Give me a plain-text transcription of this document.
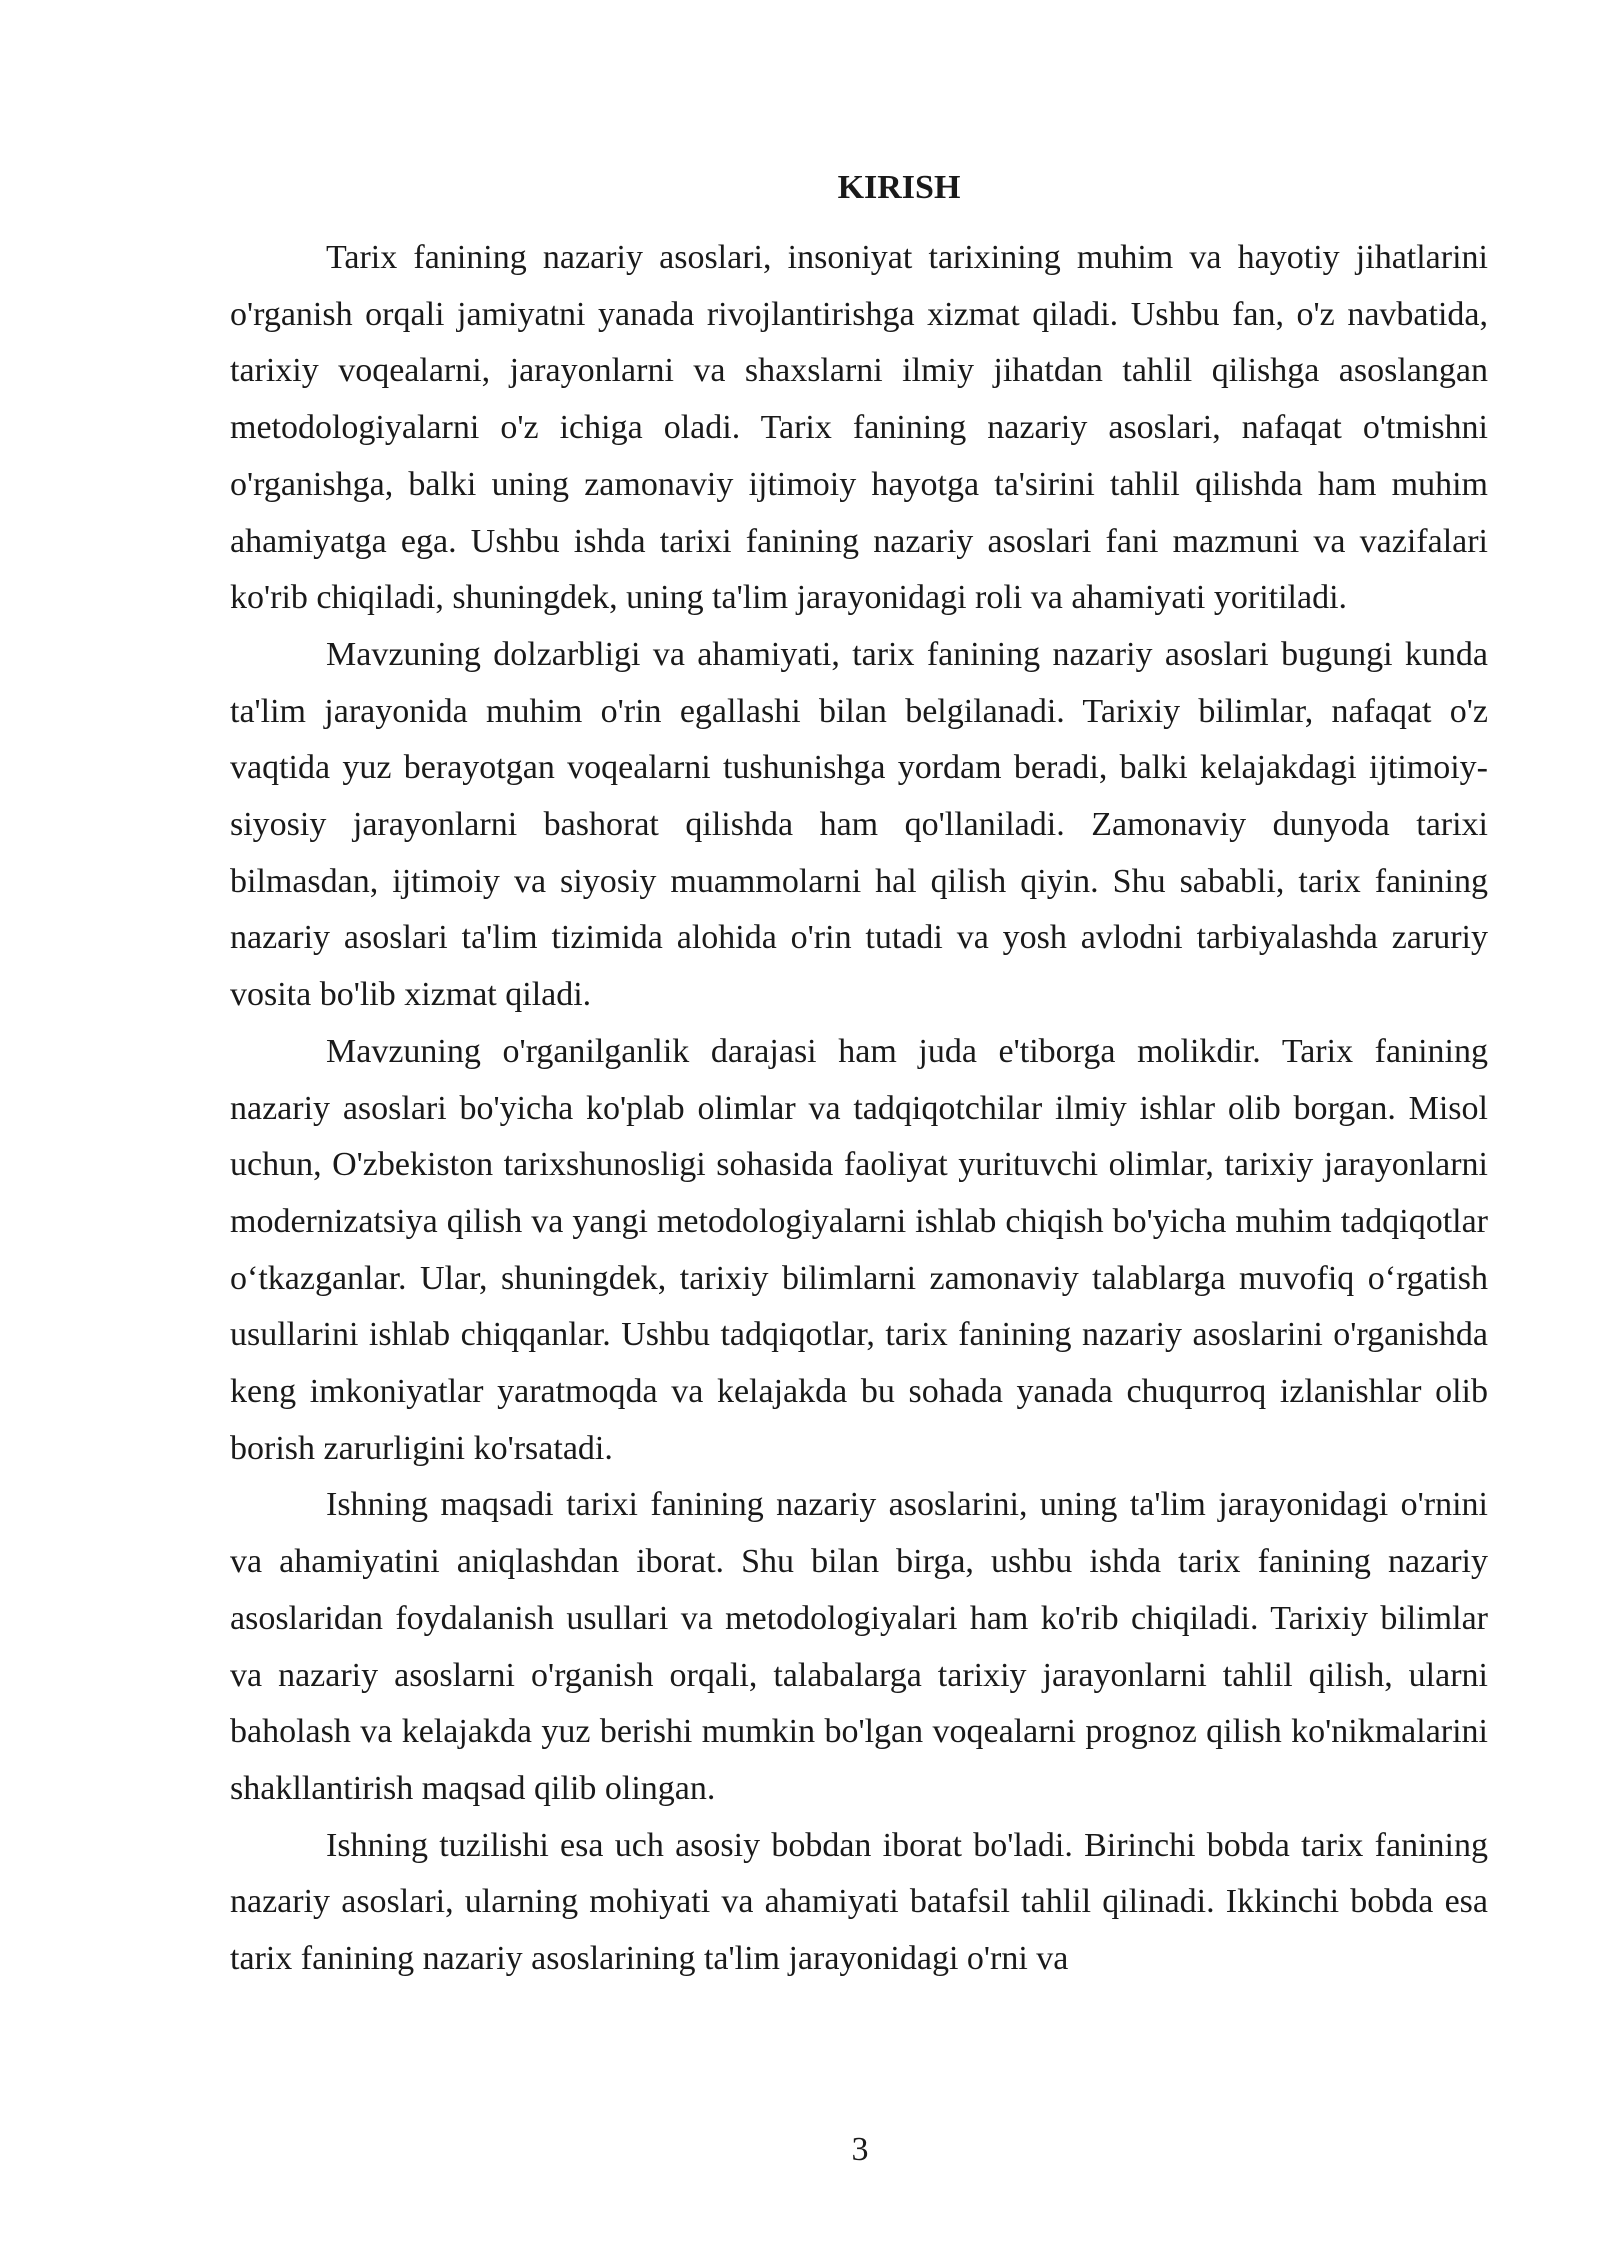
KIRISH

Tarix fanining nazariy asoslari, insoniyat tarixining muhim va hayotiy jihatlarini o'rganish orqali jamiyatni yanada rivojlantirishga xizmat qiladi. Ushbu fan, o'z navbatida, tarixiy voqealarni, jarayonlarni va shaxslarni ilmiy jihatdan tahlil qilishga asoslangan metodologiyalarni o'z ichiga oladi. Tarix fanining nazariy asoslari, nafaqat o'tmishni o'rganishga, balki uning zamonaviy ijtimoiy hayotga ta'sirini tahlil qilishda ham muhim ahamiyatga ega. Ushbu ishda tarixi fanining nazariy asoslari fani mazmuni va vazifalari ko'rib chiqiladi, shuningdek, uning ta'lim jarayonidagi roli va ahamiyati yoritiladi.

Mavzuning dolzarbligi va ahamiyati, tarix fanining nazariy asoslari bugungi kunda ta'lim jarayonida muhim o'rin egallashi bilan belgilanadi. Tarixiy bilimlar, nafaqat o'z vaqtida yuz berayotgan voqealarni tushunishga yordam beradi, balki kelajakdagi ijtimoiy-siyosiy jarayonlarni bashorat qilishda ham qo'llaniladi. Zamonaviy dunyoda tarixi bilmasdan, ijtimoiy va siyosiy muammolarni hal qilish qiyin. Shu sababli, tarix fanining nazariy asoslari ta'lim tizimida alohida o'rin tutadi va yosh avlodni tarbiyalashda zaruriy vosita bo'lib xizmat qiladi.

Mavzuning o'rganilganlik darajasi ham juda e'tiborga molikdir. Tarix fanining nazariy asoslari bo'yicha ko'plab olimlar va tadqiqotchilar ilmiy ishlar olib borgan. Misol uchun, O'zbekiston tarixshunosligi sohasida faoliyat yurituvchi olimlar, tarixiy jarayonlarni modernizatsiya qilish va yangi metodologiyalarni ishlab chiqish bo'yicha muhim tadqiqotlar o‘tkazganlar. Ular, shuningdek, tarixiy bilimlarni zamonaviy talablarga muvofiq o‘rgatish usullarini ishlab chiqqanlar. Ushbu tadqiqotlar, tarix fanining nazariy asoslarini o'rganishda keng imkoniyatlar yaratmoqda va kelajakda bu sohada yanada chuqurroq izlanishlar olib borish zarurligini ko'rsatadi.

Ishning maqsadi tarixi fanining nazariy asoslarini, uning ta'lim jarayonidagi o'rnini va ahamiyatini aniqlashdan iborat. Shu bilan birga, ushbu ishda tarix fanining nazariy asoslaridan foydalanish usullari va metodologiyalari ham ko'rib chiqiladi. Tarixiy bilimlar va nazariy asoslarni o'rganish orqali, talabalarga tarixiy jarayonlarni tahlil qilish, ularni baholash va kelajakda yuz berishi mumkin bo'lgan voqealarni prognoz qilish ko'nikmalarini shakllantirish maqsad qilib olingan.

Ishning tuzilishi esa uch asosiy bobdan iborat bo'ladi. Birinchi bobda tarix fanining nazariy asoslari, ularning mohiyati va ahamiyati batafsil tahlil qilinadi. Ikkinchi bobda esa tarix fanining nazariy asoslarining ta'lim jarayonidagi o'rni va

3
